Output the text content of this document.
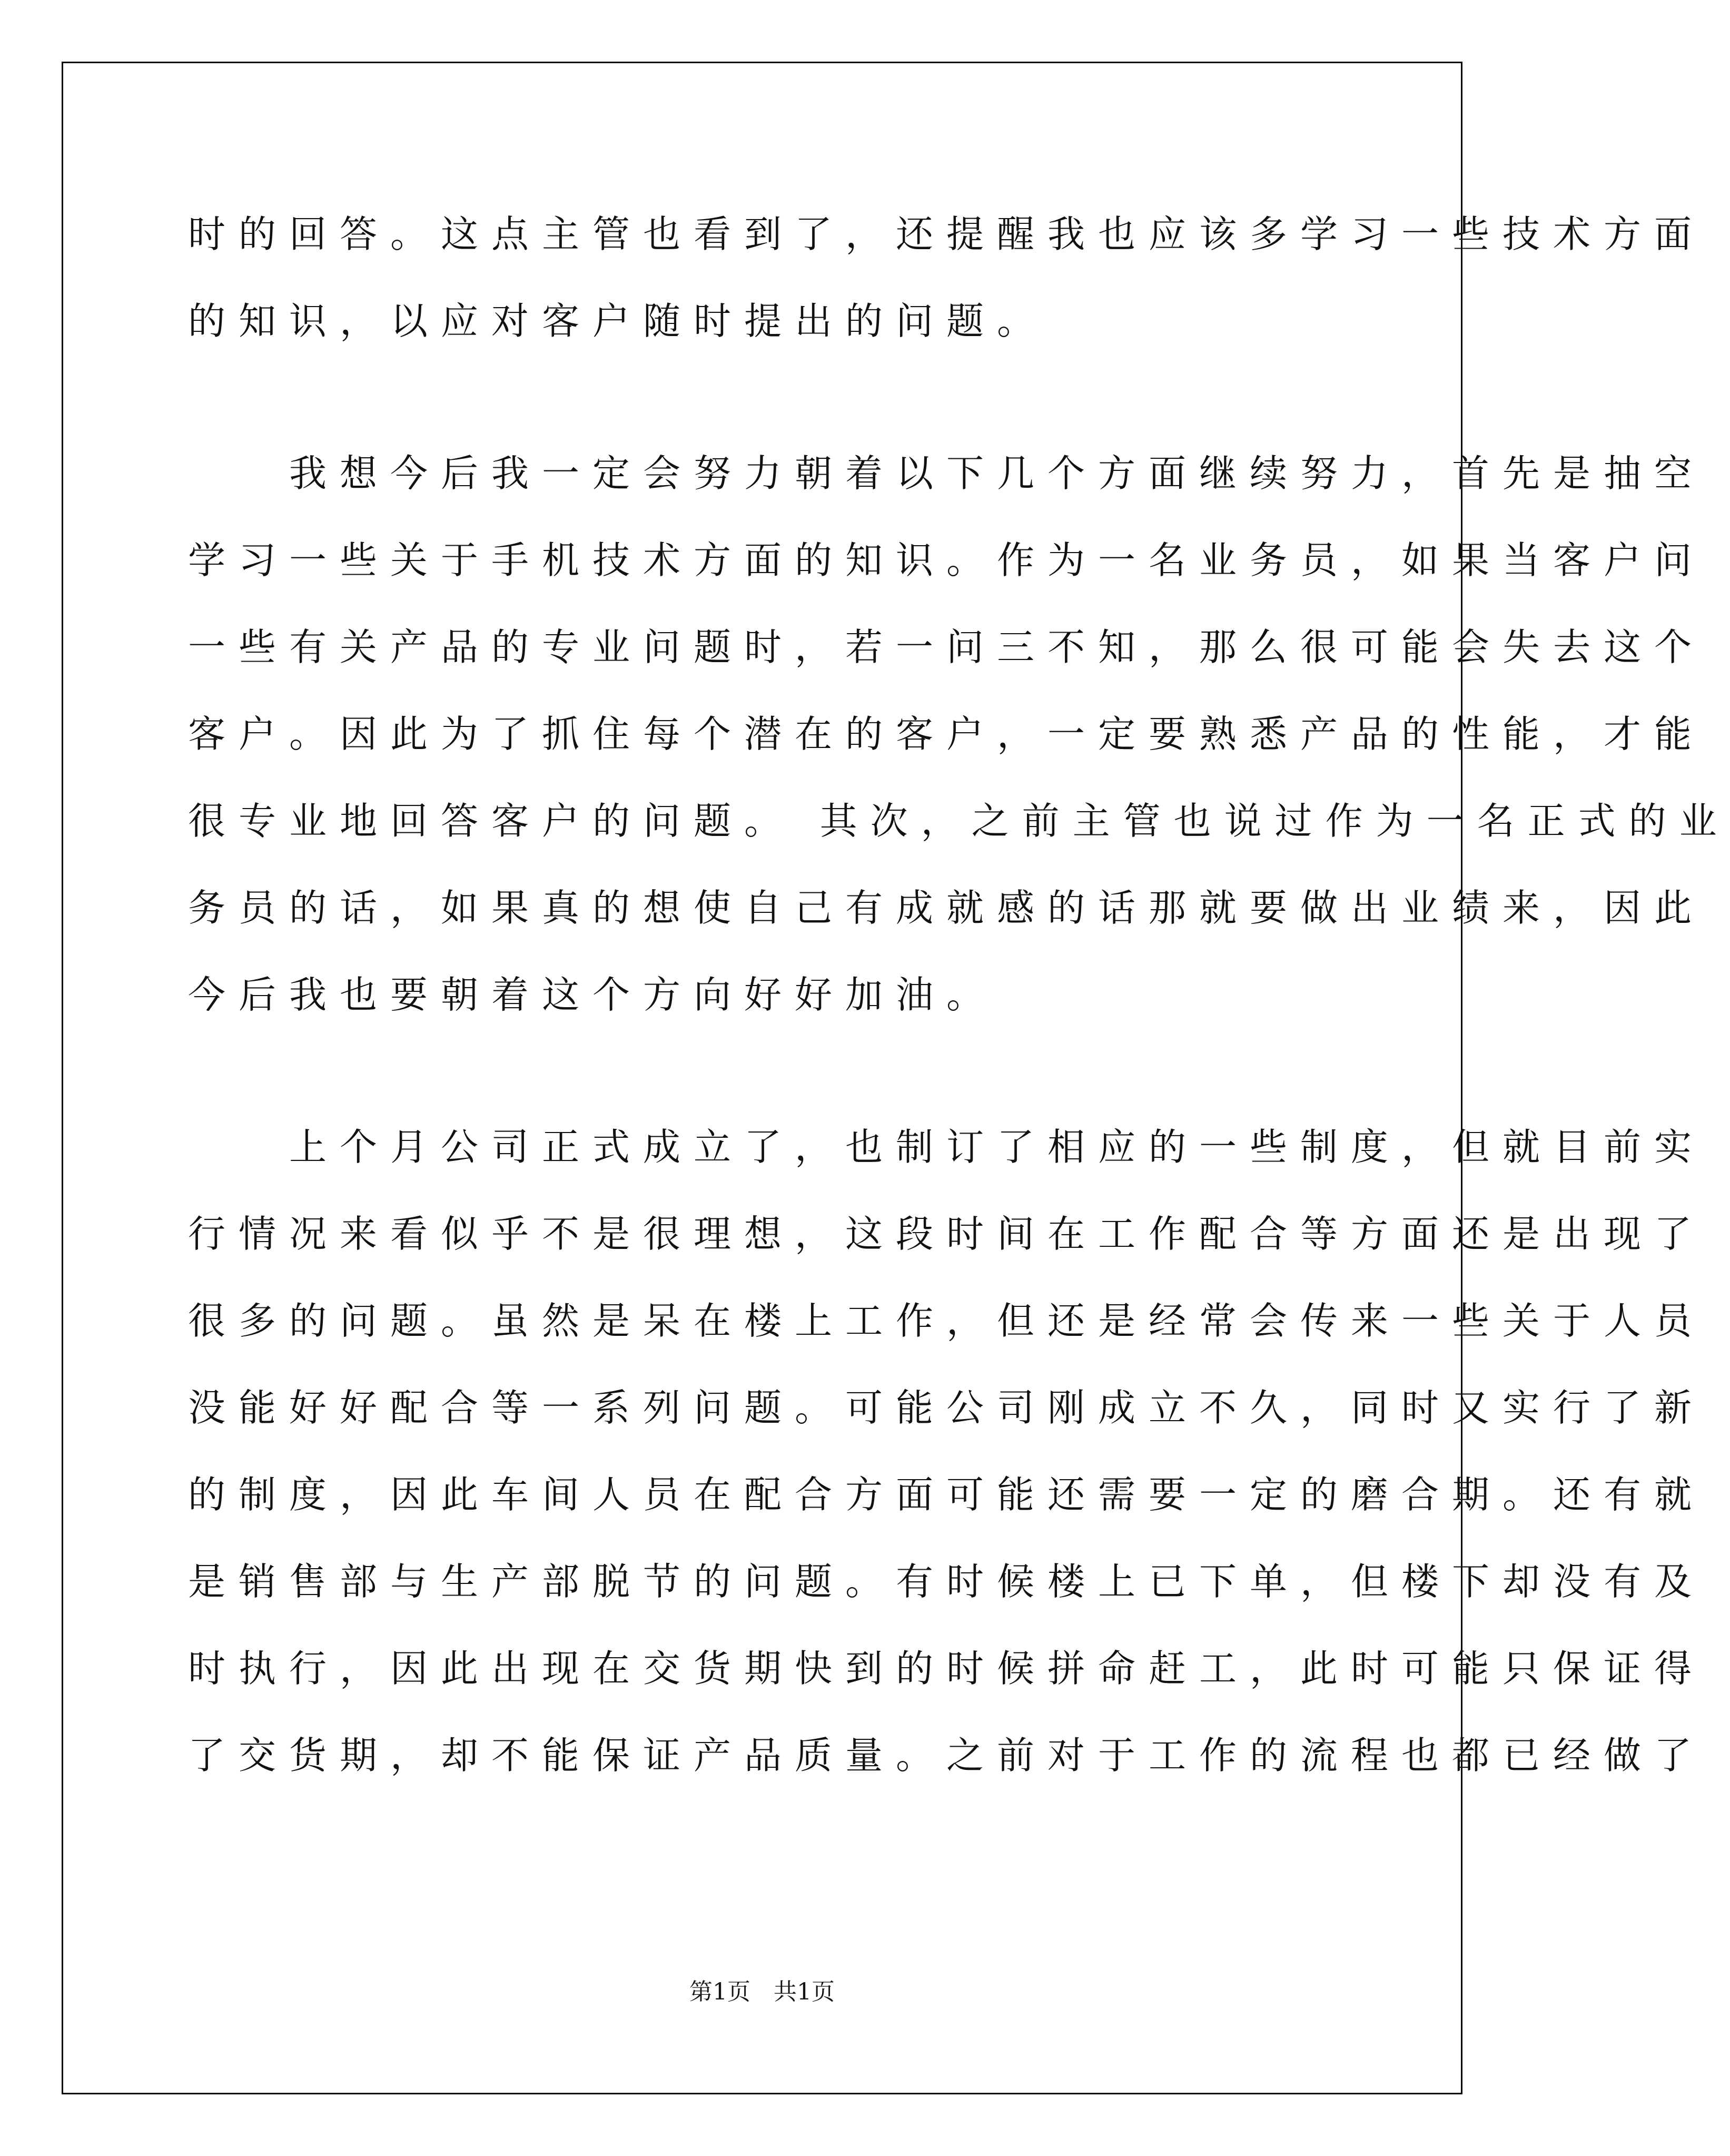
时的回答。这点主管也看到了，还提醒我也应该多学习一些技术方面
的知识，以应对客户随时提出的问题。
我想今后我一定会努力朝着以下几个方面继续努力，首先是抽空
学习一些关于手机技术方面的知识。作为一名业务员，如果当客户问
一些有关产品的专业问题时，若一问三不知，那么很可能会失去这个
客户。因此为了抓住每个潜在的客户，一定要熟悉产品的性能，才能
很专业地回答客户的问题。 其次，之前主管也说过作为一名正式的业
务员的话，如果真的想使自己有成就感的话那就要做出业绩来，因此
今后我也要朝着这个方向好好加油。
上个月公司正式成立了，也制订了相应的一些制度，但就目前实
行情况来看似乎不是很理想，这段时间在工作配合等方面还是出现了
很多的问题。虽然是呆在楼上工作，但还是经常会传来一些关于人员
没能好好配合等一系列问题。可能公司刚成立不久，同时又实行了新
的制度，因此车间人员在配合方面可能还需要一定的磨合期。还有就
是销售部与生产部脱节的问题。有时候楼上已下单，但楼下却没有及
时执行，因此出现在交货期快到的时候拼命赶工，此时可能只保证得
了交货期，却不能保证产品质量。之前对于工作的流程也都已经做了
第1页　共1页
